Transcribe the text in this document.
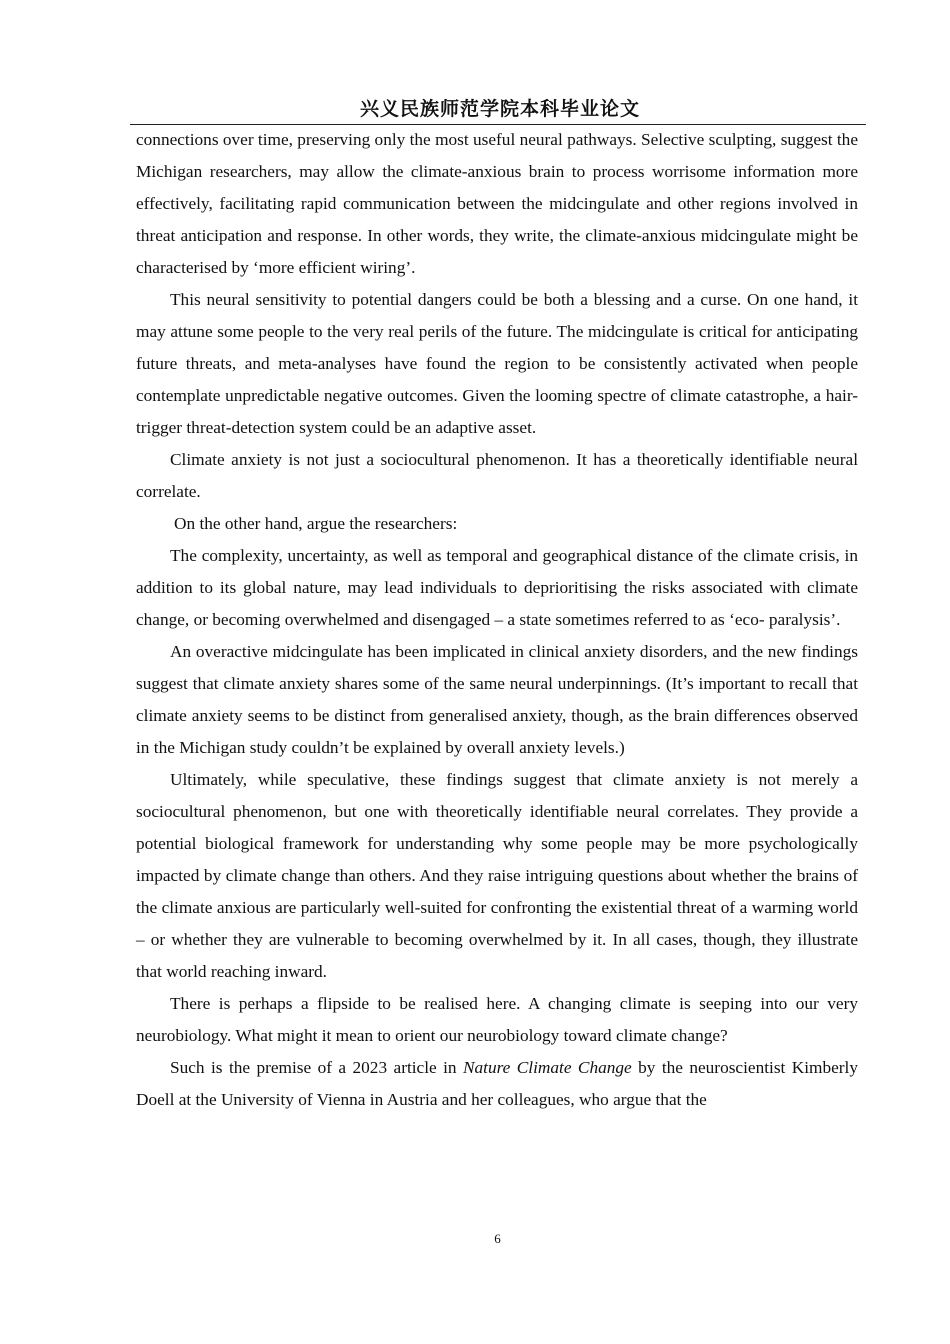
兴义民族师范学院本科毕业论文

connections over time, preserving only the most useful neural pathways. Selective sculpting, suggest the Michigan researchers, may allow the climate-anxious brain to process worrisome information more effectively, facilitating rapid communication between the midcingulate and other regions involved in threat anticipation and response. In other words, they write, the climate-anxious midcingulate might be characterised by ‘more efficient wiring’.

This neural sensitivity to potential dangers could be both a blessing and a curse. On one hand, it may attune some people to the very real perils of the future. The midcingulate is critical for anticipating future threats, and meta-analyses have found the region to be consistently activated when people contemplate unpredictable negative outcomes. Given the looming spectre of climate catastrophe, a hair-trigger threat-detection system could be an adaptive asset.

Climate anxiety is not just a sociocultural phenomenon. It has a theoretically identifiable neural correlate.

On the other hand, argue the researchers:

The complexity, uncertainty, as well as temporal and geographical distance of the climate crisis, in addition to its global nature, may lead individuals to deprioritising the risks associated with climate change, or becoming overwhelmed and disengaged – a state sometimes referred to as ‘eco- paralysis’.

An overactive midcingulate has been implicated in clinical anxiety disorders, and the new findings suggest that climate anxiety shares some of the same neural underpinnings. (It’s important to recall that climate anxiety seems to be distinct from generalised anxiety, though, as the brain differences observed in the Michigan study couldn’t be explained by overall anxiety levels.)

Ultimately, while speculative, these findings suggest that climate anxiety is not merely a sociocultural phenomenon, but one with theoretically identifiable neural correlates. They provide a potential biological framework for understanding why some people may be more psychologically impacted by climate change than others. And they raise intriguing questions about whether the brains of the climate anxious are particularly well-suited for confronting the existential threat of a warming world – or whether they are vulnerable to becoming overwhelmed by it. In all cases, though, they illustrate that world reaching inward.

There is perhaps a flipside to be realised here. A changing climate is seeping into our very neurobiology. What might it mean to orient our neurobiology toward climate change?

Such is the premise of a 2023 article in Nature Climate Change by the neuroscientist Kimberly Doell at the University of Vienna in Austria and her colleagues, who argue that the

6
